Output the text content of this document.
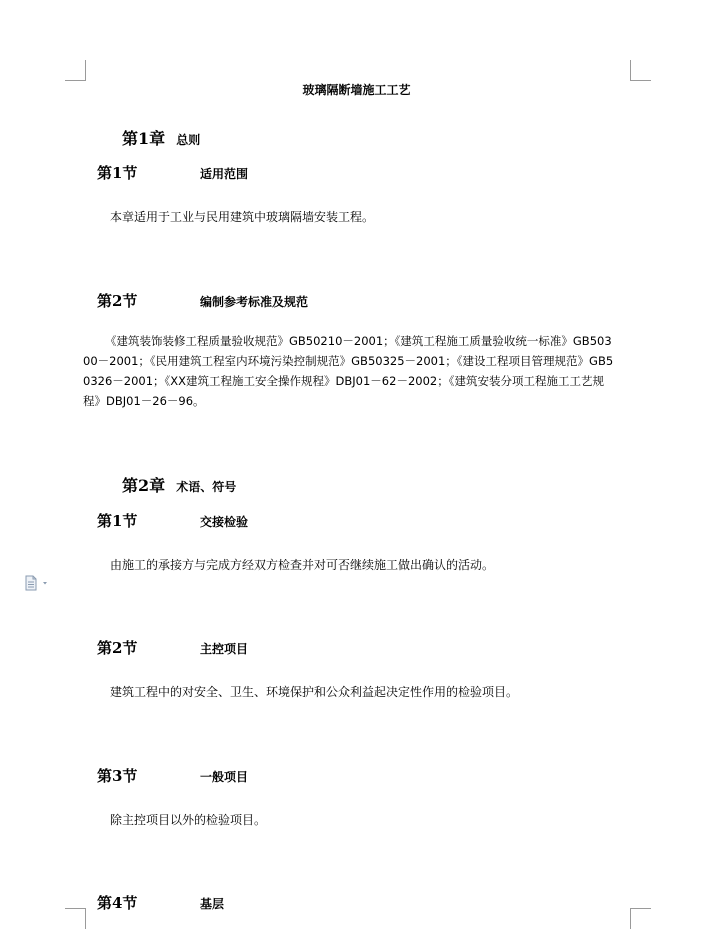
玻璃隔断墙施工工艺
第1章 总则
第1节	适用范围
本章适用于工业与民用建筑中玻璃隔墙安装工程。
第2节	编制参考标准及规范
《建筑装饰装修工程质量验收规范》GB50210－2001；《建筑工程施工质量验收统一标准》GB50300－2001；《民用建筑工程室内环境污染控制规范》GB50325－2001；《建设工程项目管理规范》GB50326－2001；《XX建筑工程施工安全操作规程》DBJ01－62－2002；《建筑安装分项工程施工工艺规程》DBJ01－26－96。
第2章 术语、符号
第1节	交接检验
由施工的承接方与完成方经双方检查并对可否继续施工做出确认的活动。
第2节	主控项目
建筑工程中的对安全、卫生、环境保护和公众利益起决定性作用的检验项目。
第3节	一般项目
除主控项目以外的检验项目。
第4节	基层
